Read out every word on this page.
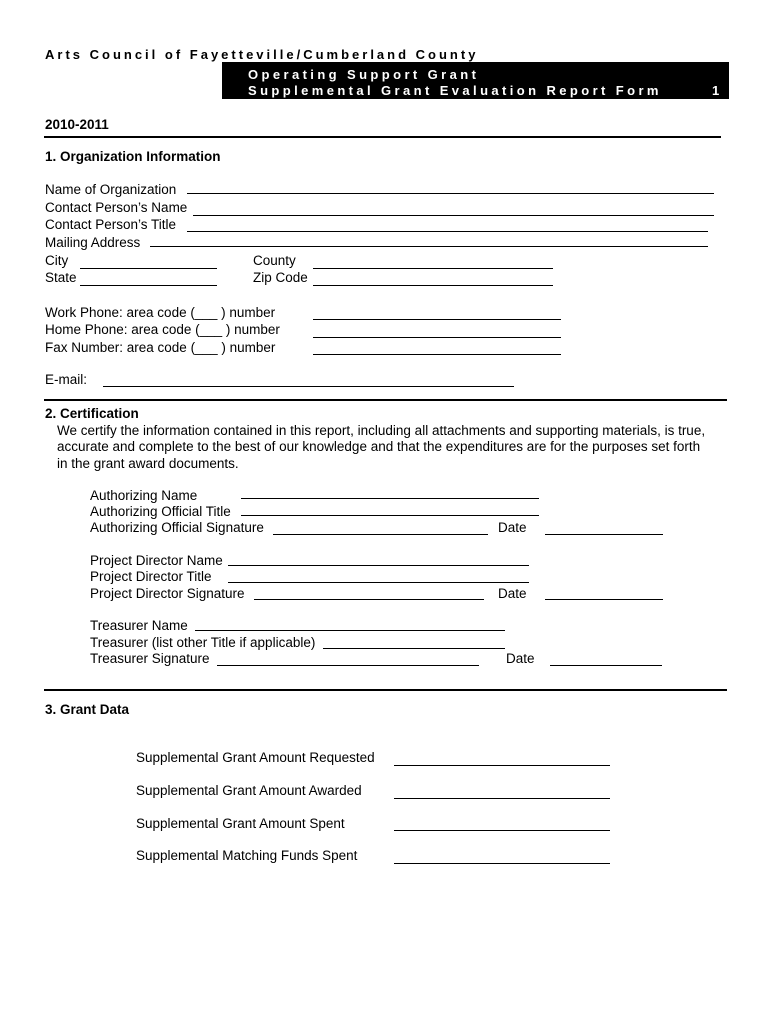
Arts Council of Fayetteville/Cumberland County
Operating Support Grant
Supplemental Grant Evaluation Report Form	1
2010-2011
1. Organization Information
Name of Organization
Contact Person’s Name
Contact Person’s Title
Mailing Address
City	County
State	Zip Code
Work Phone: area code (___ ) number
Home Phone: area code (___ ) number
Fax Number: area code (___ ) number
E-mail:
2. Certification
We certify the information contained in this report, including all attachments and supporting materials, is true,
accurate and complete to the best of our knowledge and that the expenditures are for the purposes set forth
in the grant award documents.
Authorizing Name
Authorizing Official Title
Authorizing Official Signature	Date
Project Director Name
Project Director Title
Project Director Signature	Date
Treasurer Name
Treasurer (list other Title if applicable)
Treasurer Signature	Date
3. Grant Data
Supplemental Grant Amount Requested
Supplemental Grant Amount Awarded
Supplemental Grant Amount Spent
Supplemental Matching Funds Spent
